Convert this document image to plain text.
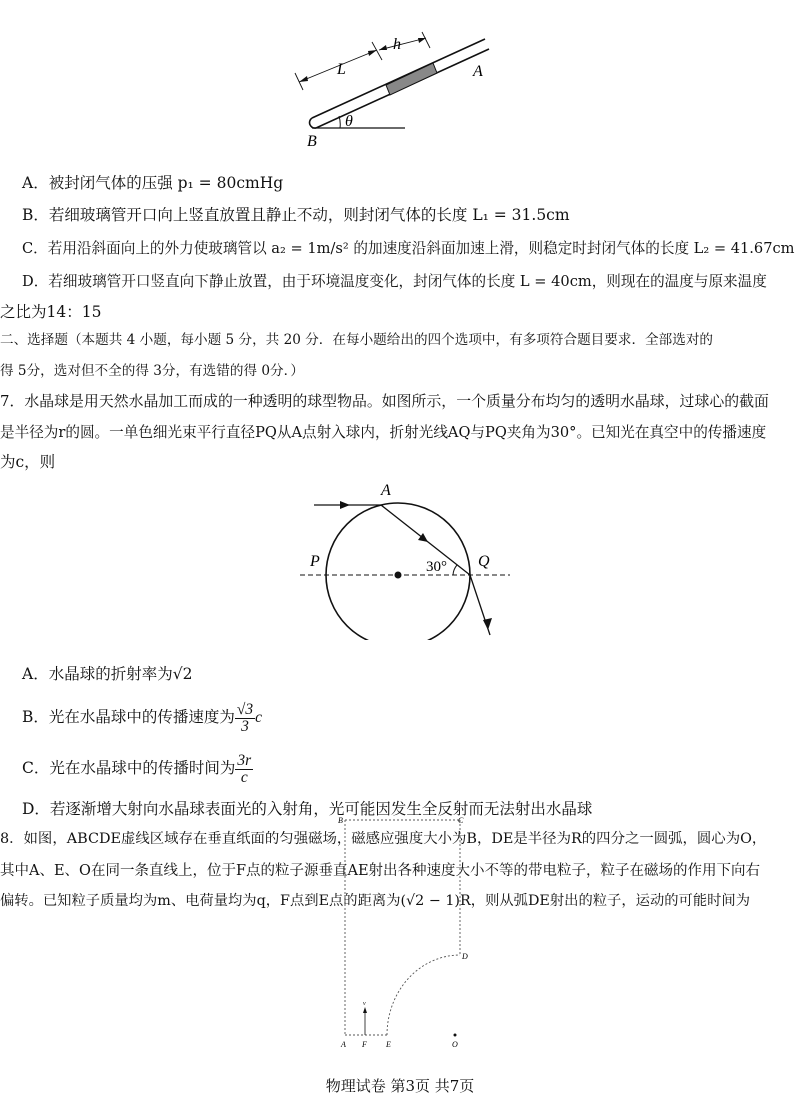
L
h
A
B
θ
A．被封闭气体的压强 p₁ = 80cmHg
B．若细玻璃管开口向上竖直放置且静止不动，则封闭气体的长度 L₁ = 31.5cm
C．若用沿斜面向上的外力使玻璃管以 a₂ = 1m/s² 的加速度沿斜面加速上滑，则稳定时封闭气体的长度 L₂ = 41.67cm
D．若细玻璃管开口竖直向下静止放置，由于环境温度变化，封闭气体的长度 L = 40cm，则现在的温度与原来温度
之比为14：15
二、选择题（本题共 4 小题，每小题 5 分，共 20 分．在每小题给出的四个选项中，有多项符合题目要求．全部选对的
得 5分，选对但不全的得 3分，有选错的得 0分．）
7．水晶球是用天然水晶加工而成的一种透明的球型物品。如图所示，一个质量分布均匀的透明水晶球，过球心的截面
是半径为r的圆。一单色细光束平行直径PQ从A点射入球内，折射光线AQ与PQ夹角为30°。已知光在真空中的传播速度
为c，则
A
P	Q
30°
A．水晶球的折射率为√2
B．光在水晶球中的传播速度为 $\frac{√3}{3}$ c
C．光在水晶球中的传播时间为 $\frac{3r}{c}$
D．若逐渐增大射向水晶球表面光的入射角，光可能因发生全反射而无法射出水晶球
8．如图，ABCDE虚线区域存在垂直纸面的匀强磁场，磁感应强度大小为B，DE是半径为R的四分之一圆弧，圆心为O，
其中A、E、O在同一条直线上，位于F点的粒子源垂直AE射出各种速度大小不等的带电粒子，粒子在磁场的作用下向右
偏转。已知粒子质量均为m、电荷量均为q，F点到E点的距离为(√2 − 1)R，则从弧DE射出的粒子，运动的可能时间为
B	C
D
A F E	O
v
物理试卷 第3页 共7页
